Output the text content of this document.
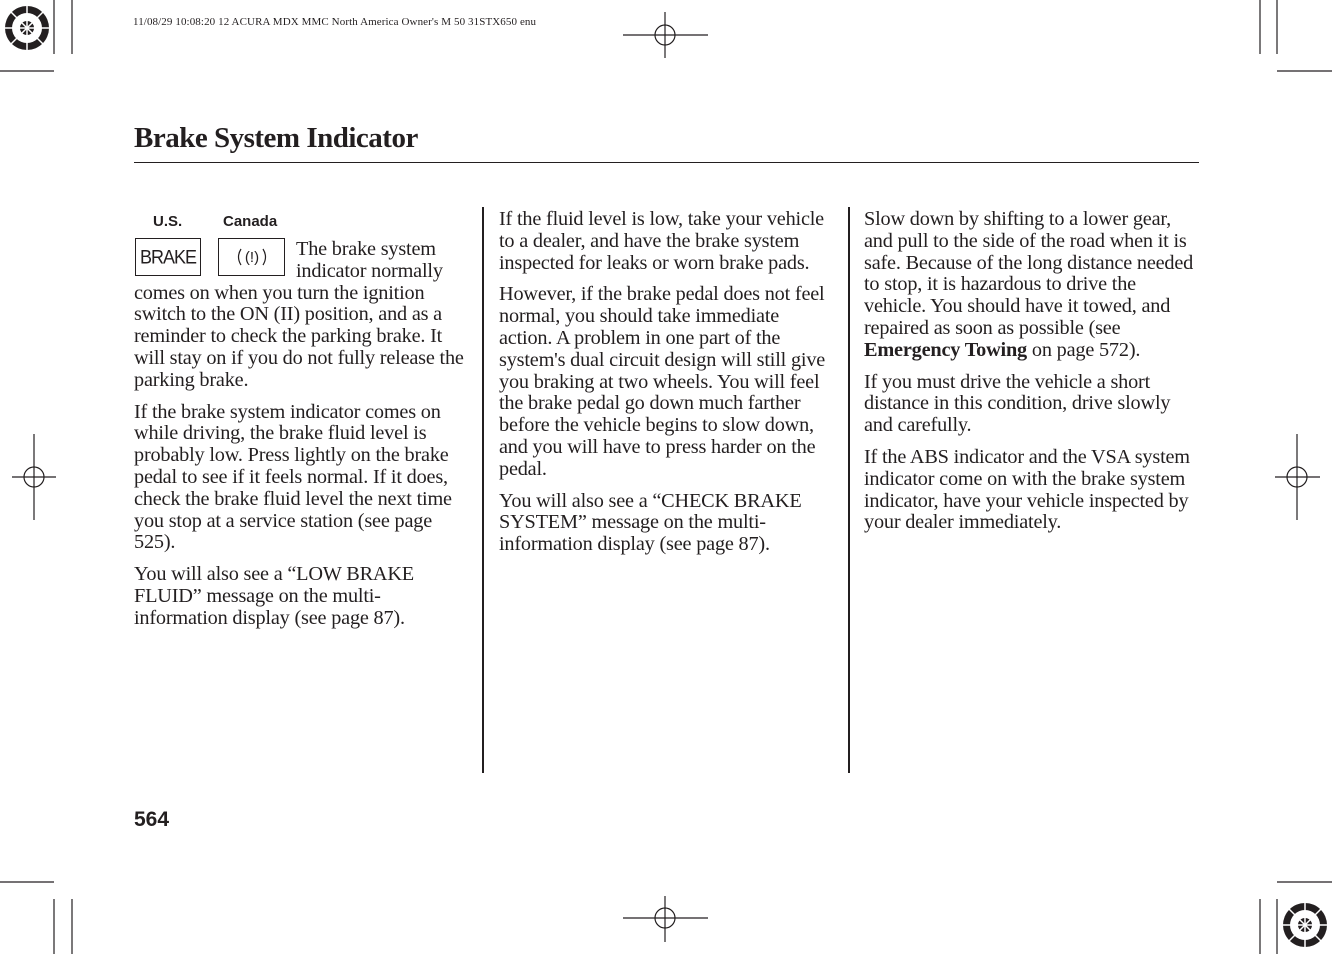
11/08/29 10:08:20 12 ACURA MDX MMC North America Owner's M 50 31STX650 enu
Brake System Indicator
U.S.	Canada
BRAKE	(!)	The brake system indicator normally comes on when you turn the ignition switch to the ON (II) position, and as a reminder to check the parking brake. It will stay on if you do not fully release the parking brake.

If the brake system indicator comes on while driving, the brake fluid level is probably low. Press lightly on the brake pedal to see if it feels normal. If it does, check the brake fluid level the next time you stop at a service station (see page 525).

You will also see a “LOW BRAKE FLUID” message on the multi-information display (see page 87).

If the fluid level is low, take your vehicle to a dealer, and have the brake system inspected for leaks or worn brake pads.

However, if the brake pedal does not feel normal, you should take immediate action. A problem in one part of the system's dual circuit design will still give you braking at two wheels. You will feel the brake pedal go down much farther before the vehicle begins to slow down, and you will have to press harder on the pedal.

You will also see a “CHECK BRAKE SYSTEM” message on the multi-information display (see page 87).

Slow down by shifting to a lower gear, and pull to the side of the road when it is safe. Because of the long distance needed to stop, it is hazardous to drive the vehicle. You should have it towed, and repaired as soon as possible (see Emergency Towing on page 572).

If you must drive the vehicle a short distance in this condition, drive slowly and carefully.

If the ABS indicator and the VSA system indicator come on with the brake system indicator, have your vehicle inspected by your dealer immediately.

564
